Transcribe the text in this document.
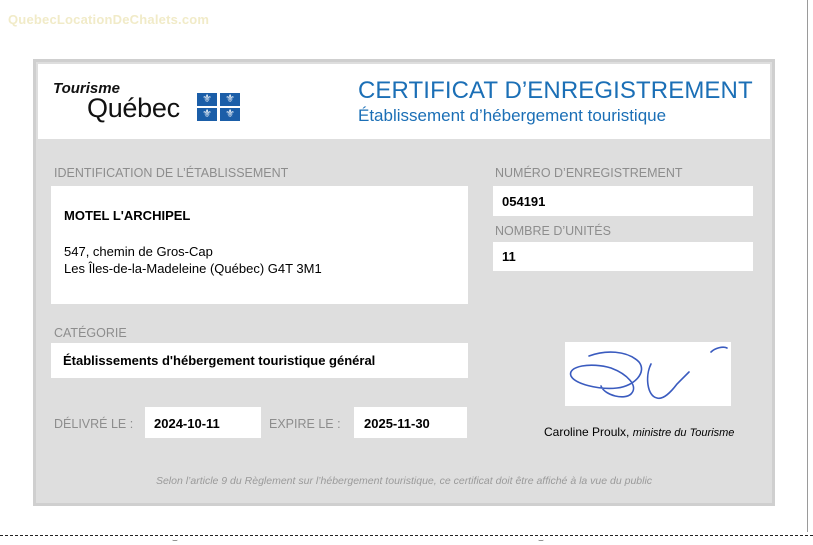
QuebecLocationDeChalets.com
Tourisme
Québec	⚜	⚜
⚜	⚜
CERTIFICAT D’ENREGISTREMENT
Établissement d’hébergement touristique
IDENTIFICATION DE L’ÉTABLISSEMENT
MOTEL L'ARCHIPEL
547, chemin de Gros-Cap
Les Îles-de-la-Madeleine (Québec) G4T 3M1
NUMÉRO D’ENREGISTREMENT
054191
NOMBRE D’UNITÉS
11
CATÉGORIE
Établissements d'hébergement touristique général
DÉLIVRÉ LE : 2024-10-11	EXPIRE LE : 2025-11-30
Caroline Proulx, ministre du Tourisme
Selon l’article 9 du Règlement sur l’hébergement touristique, ce certificat doit être affiché à la vue du public
⌣	⌣
